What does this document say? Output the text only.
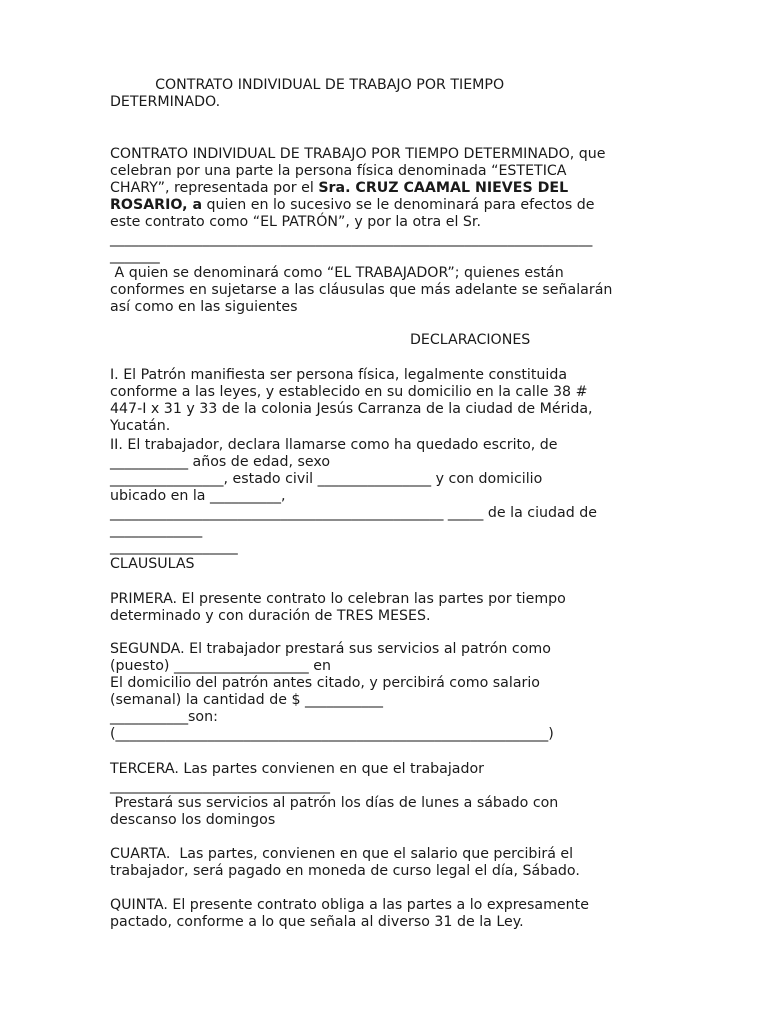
CONTRATO INDIVIDUAL DE TRABAJO POR TIEMPO
DETERMINADO.

CONTRATO INDIVIDUAL DE TRABAJO POR TIEMPO DETERMINADO, que
celebran por una parte la persona física denominada “ESTETICA
CHARY”, representada por el Sra. CRUZ CAAMAL NIEVES DEL
ROSARIO, a quien en lo sucesivo se le denominará para efectos de
este contrato como “EL PATRÓN”, y por la otra el Sr.
____________________________________________________________________
_______

A quien se denominará como “EL TRABAJADOR”; quienes están
conformes en sujetarse a las cláusulas que más adelante se señalarán
así como en las siguientes

DECLARACIONES

I. El Patrón manifiesta ser persona física, legalmente constituida
conforme a las leyes, y establecido en su domicilio en la calle 38 #
447-I x 31 y 33 de la colonia Jesús Carranza de la ciudad de Mérida,
Yucatán.

II. El trabajador, declara llamarse como ha quedado escrito, de
___________ años de edad, sexo
________________, estado civil ________________ y con domicilio
ubicado en la __________,
_______________________________________________ _____ de la ciudad de
_____________
__________________

CLAUSULAS

PRIMERA. El presente contrato lo celebran las partes por tiempo
determinado y con duración de TRES MESES.

SEGUNDA. El trabajador prestará sus servicios al patrón como
(puesto) ___________________ en
El domicilio del patrón antes citado, y percibirá como salario
(semanal) la cantidad de $ ___________
___________son:
(_____________________________________________________________)

TERCERA. Las partes convienen en que el trabajador
_______________________________
Prestará sus servicios al patrón los días de lunes a sábado con
descanso los domingos

CUARTA.  Las partes, convienen en que el salario que percibirá el
trabajador, será pagado en moneda de curso legal el día, Sábado.

QUINTA. El presente contrato obliga a las partes a lo expresamente
pactado, conforme a lo que señala al diverso 31 de la Ley.
